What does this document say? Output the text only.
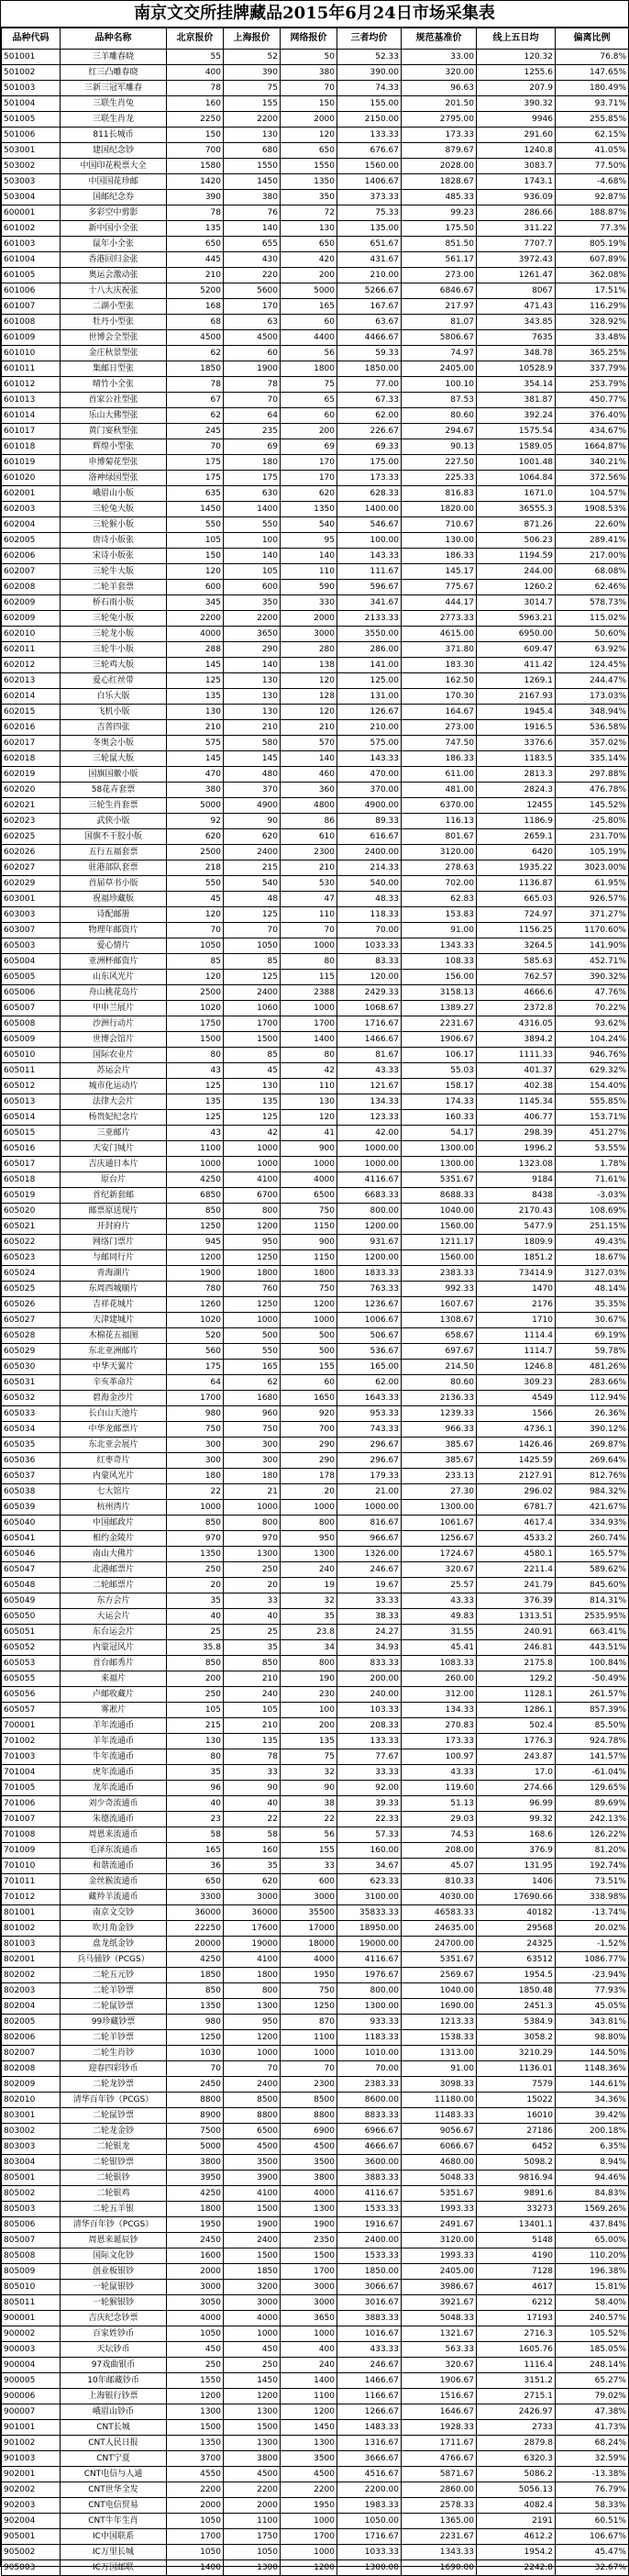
南京文交所挂牌藏品2015年6月24日市场采集表
品种代码	品种名称	北京报价	上海报价	网络报价	三者均价	规范基准价	线上五日均	偏离比例
501001	三羊雕春晓	55	52	50	52.33	33.00	120.32	76.8%
501002	红三凸雕春晓	400	390	380	390.00	320.00	1255.6	147.65%
501003	三新三冠军雕春	78	75	70	74.33	96.63	207.9	180.49%
501004	三联生肖兔	160	155	150	155.00	201.50	390.32	93.71%
501005	三联生肖龙	2250	2200	2000	2150.00	2795.00	9946	255.85%
501006	811长城币	150	130	120	133.33	173.33	291.60	62.15%
503001	建国纪念钞	700	680	650	676.67	879.67	1240.8	41.05%
503002	中国印花税票大全	1580	1550	1550	1560.00	2028.00	3083.7	77.50%
503003	中国国花珍邮	1420	1450	1350	1406.67	1828.67	1743.1	-4.68%
503004	国邮纪念券	390	380	350	373.33	485.33	936.09	92.87%
600001	多彩空中剪影	78	76	72	75.33	99.23	286.66	188.87%
601002	新中国小全张	135	140	130	135.00	175.50	311.22	77.3%
601003	鼠年小全张	650	655	650	651.67	851.50	7707.7	805.19%
601004	香港回归金张	445	430	420	431.67	561.17	3972.43	607.89%
601005	奥运会激动张	210	220	200	210.00	273.00	1261.47	362.08%
601006	十八大庆祝张	5200	5600	5000	5266.67	6846.67	8067	17.51%
601007	二湖小型张	168	170	165	167.67	217.97	471.43	116.29%
601008	牡丹小型张	68	63	60	63.67	81.07	343.85	328.92%
601009	世博会全型张	4500	4500	4400	4466.67	5806.67	7635	33.48%
601010	金庄秋景型张	62	60	56	59.33	74.97	348.78	365.25%
601011	集邮日型张	1850	1900	1800	1850.00	2405.00	10528.9	337.79%
601012	晴竹小全张	78	78	75	77.00	100.10	354.14	253.79%
601013	首家公社型张	67	70	65	67.33	87.53	381.87	450.77%
601014	乐山大佛型张	62	64	60	62.00	80.60	392.24	376.40%
601017	黄门宴秋型张	245	235	200	226.67	294.67	1575.54	434.67%
601018	辉煌小型张	70	69	69	69.33	90.13	1589.05	1664.87%
601019	申博菊花型张	175	180	170	175.00	227.50	1001.48	340.21%
601020	洛神绿园型张	175	175	170	173.33	225.33	1064.84	372.56%
602001	峨眉山小版	635	630	620	628.33	816.83	1671.0	104.57%
602003	三轮兔大版	1450	1400	1350	1400.00	1820.00	36555.3	1908.53%
602004	三轮猴小版	550	550	540	546.67	710.67	871.26	22.60%
602005	唐诗小版张	105	100	95	100.00	130.00	506.23	289.41%
602006	宋诗小版张	150	140	140	143.33	186.33	1194.59	217.00%
602007	三轮牛大版	120	105	110	111.67	145.17	244.00	68.08%
602008	二轮羊套票	600	600	590	596.67	775.67	1260.2	62.46%
602009	桥石雨小版	345	350	330	341.67	444.17	3014.7	578.73%
602009	三轮兔小版	2200	2200	2000	2133.33	2773.33	5963.21	115.02%
602010	三轮龙小版	4000	3650	3000	3550.00	4615.00	6950.00	50.60%
602011	三轮牛小版	288	290	280	286.00	371.80	609.47	63.92%
602012	三轮鸡大版	145	140	138	141.00	183.30	411.42	124.45%
602013	爱心红丝带	125	130	120	125.00	162.50	1269.1	244.47%
602014	白乐大版	135	130	128	131.00	170.30	2167.93	173.03%
602015	飞机小版	130	130	120	126.67	164.67	1945.4	348.94%
602016	吉普四张	210	210	210	210.00	273.00	1916.5	536.58%
602017	冬奥会小版	575	580	570	575.00	747.50	3376.6	357.02%
602018	三轮鼠大版	145	145	140	143.33	186.33	1183.5	335.14%
602019	国旗国徽小版	470	480	460	470.00	611.00	2813.3	297.88%
602020	58花卉套票	380	370	360	370.00	481.00	2824.3	476.78%
602021	三轮生肖套票	5000	4900	4800	4900.00	6370.00	12455	145.52%
602023	武侠小版	92	90	86	89.33	116.13	1186.9	-25.80%
602025	国旗不干胶小版	620	620	610	616.67	801.67	2659.1	231.70%
602026	五行五福套票	2500	2400	2300	2400.00	3120.00	6420	105.19%
602027	驻港部队套票	218	215	210	214.33	278.63	1935.22	3023.00%
602029	首届草书小版	550	540	530	540.00	702.00	1136.87	61.95%
603001	祝福珍藏版	45	48	47	48.33	62.83	665.03	926.57%
603003	诗配邮册	120	125	110	118.33	153.83	724.97	371.27%
603007	物理年邮资片	70	70	70	70.00	91.00	1156.25	1170.60%
605003	爱心情片	1050	1050	1000	1033.33	1343.33	3264.5	141.90%
605004	亚洲杯邮资片	85	85	80	83.33	108.33	585.63	452.71%
605005	山东风光片	120	125	115	120.00	156.00	762.57	390.32%
605006	舟山桃花岛片	2500	2400	2388	2429.33	3158.13	4666.6	47.76%
605007	甲申兰展片	1020	1060	1000	1068.67	1389.27	2372.8	70.22%
605008	沙洲行动片	1750	1700	1700	1716.67	2231.67	4316.05	93.62%
605009	世博会馆片	1500	1500	1400	1466.67	1906.67	3894.2	104.24%
605010	国际农业片	80	85	80	81.67	106.17	1111.33	946.76%
605011	苏运会片	43	45	42	43.33	55.03	401.37	629.32%
605012	城市化运动片	125	130	110	121.67	158.17	402.38	154.40%
605013	法律大会片	135	135	130	134.33	174.33	1145.34	555.85%
605014	杨贵妃纪念片	125	125	120	123.33	160.33	406.77	153.71%
605015	三亚邮片	43	42	41	42.00	54.17	298.39	451.27%
605016	天安门城片	1100	1000	900	1000.00	1300.00	1996.2	53.55%
605017	吉庆通日本片	1000	1000	1000	1000.00	1300.00	1323.08	1.78%
605018	原台片	4250	4100	4000	4116.67	5351.67	9184	71.61%
605019	首纪新套邮	6850	6700	6500	6683.33	8688.33	8438	-3.03%
605020	邮票原送现片	850	800	750	800.00	1040.00	2170.43	108.69%
605021	开封府片	1250	1200	1150	1200.00	1560.00	5477.9	251.15%
605022	网络门票片	945	950	900	931.67	1211.17	1809.9	49.43%
605023	与邮同行片	1200	1250	1150	1200.00	1560.00	1851.2	18.67%
605024	青海湖片	1900	1800	1800	1833.33	2383.33	73414.9	3127.03%
605025	东周西城顺片	780	760	750	763.33	992.33	1470	48.14%
605026	吉祥花城片	1260	1250	1200	1236.67	1607.67	2176	35.35%
605027	天津建城片	1020	1000	1000	1006.67	1308.67	1710	30.67%
605028	木棉花五福图	520	500	500	506.67	658.67	1114.4	69.19%
605029	东北亚洲邮片	560	550	500	536.67	697.67	1114.7	59.78%
605030	中华天翼片	175	165	155	165.00	214.50	1246.8	481.26%
605031	辛亥革命片	64	62	60	62.00	80.60	309.23	283.66%
605032	碧海金沙片	1700	1680	1650	1643.33	2136.33	4549	112.94%
605033	长白山天池片	980	960	920	953.33	1239.33	1566	26.36%
605034	中华龙邮票片	750	750	700	743.33	966.33	4736.1	390.12%
605035	东北亚会展片	300	300	290	296.67	385.67	1426.46	269.87%
605036	红枣奇片	300	300	290	296.67	385.67	1425.59	269.64%
605037	内蒙风光片	180	180	178	179.33	233.13	2127.91	812.76%
605038	七大馆片	22	21	20	21.00	27.30	296.02	984.32%
605039	杭州湾片	1000	1000	1000	1000.00	1300.00	6781.7	421.67%
605040	中国邮政片	850	800	800	816.67	1061.67	4617.4	334.93%
605041	相约金陵片	970	970	950	966.67	1256.67	4533.2	260.74%
605046	南山大佛片	1350	1300	1300	1326.00	1724.67	4580.1	165.57%
605047	北港邮票片	250	250	240	246.67	320.67	2211.4	589.62%
605048	二轮邮票片	20	20	19	19.67	25.57	241.79	845.60%
605049	东方会片	35	33	32	33.33	43.33	376.39	814.31%
605050	大运会片	40	40	35	38.33	49.83	1313.51	2535.95%
605051	东台运会片	25	25	23.8	24.27	31.55	240.91	663.41%
605052	内蒙冠风片	35.8	35	34	34.93	45.41	246.81	443.51%
605053	首台邮秀片	850	850	800	833.33	1083.33	2175.8	100.84%
605055	来福片	200	210	190	200.00	260.00	129.2	-50.49%
605056	卢邮收藏片	250	240	230	240.00	312.00	1128.1	261.57%
605057	雾凇片	105	105	100	103.33	134.33	1286.1	857.39%
700001	羊年流通币	215	210	200	208.33	270.83	502.4	85.50%
701002	羊年流通币	130	135	135	133.33	173.33	1776.3	924.78%
701003	牛年流通币	80	78	75	77.67	100.97	243.87	141.57%
701004	虎年流通币	35	33	32	33.33	43.33	17.0	-61.04%
701005	龙年流通币	96	90	90	92.00	119.60	274.66	129.65%
701006	刘少奇流通币	40	40	38	39.33	51.13	96.99	89.69%
701007	朱德流通币	23	22	22	22.33	29.03	99.32	242.13%
701008	周恩来流通币	58	58	56	57.33	74.53	168.6	126.22%
701009	毛泽东流通币	165	160	155	160.00	208.00	376.9	81.20%
701010	和谐流通币	36	35	33	34.67	45.07	131.95	192.74%
701011	金丝猴流通币	650	620	600	623.33	810.33	1406	73.51%
701012	藏羚羊流通币	3300	3000	3000	3100.00	4030.00	17690.66	338.98%
801001	南京文交钞	36000	36000	35500	35833.33	46583.33	40182	-13.74%
801002	吹月角金钞	22250	17600	17000	18950.00	24635.00	29568	20.02%
801003	盘龙纸金钞	20000	19000	18000	19000.00	24700.00	24325	-1.52%
802001	兵马俑钞（PCGS）	4250	4100	4000	4116.67	5351.67	63512	1086.77%
802002	二轮五元钞	1850	1800	1950	1976.67	2569.67	1954.5	-23.94%
802003	二轮羊钞票	850	800	750	800.00	1040.00	1850.48	77.93%
802004	二轮鼠钞票	1350	1300	1250	1300.00	1690.00	2451.3	45.05%
802005	99珍藏钞票	980	950	870	933.33	1213.33	5384.9	343.81%
802006	二轮羊钞票	1250	1200	1100	1183.33	1538.33	3058.2	98.80%
802007	二轮生肖钞	1030	1000	1000	1010.00	1313.00	3210.29	144.50%
802008	迎春四彩钞币	70	70	70	70.00	91.00	1136.01	1148.36%
802009	二轮龙钞票	2450	2400	2300	2383.33	3098.33	7579	144.61%
802010	清华百年钞（PCGS）	8800	8500	8500	8600.00	11180.00	15022	34.36%
803001	二轮鼠钞票	8900	8800	8800	8833.33	11483.33	16010	39.42%
803002	二轮龙金钞	7500	6500	6900	6966.67	9056.67	27186	200.18%
803003	二轮银龙	5000	4500	4500	4666.67	6066.67	6452	6.35%
803004	二轮银钞票	3800	3500	3500	3600.00	4680.00	5098.2	8.94%
805001	二轮银钞	3950	3900	3800	3883.33	5048.33	9816.94	94.46%
805002	二轮银鸡	4250	4100	4000	4116.67	5351.67	9891.6	84.83%
805003	二轮五羊银	1800	1500	1300	1533.33	1993.33	33273	1569.26%
805006	清华百年钞（PCGS）	1950	1900	1900	1916.67	2491.67	13401.1	437.84%
805007	周恩来诞辰钞	2450	2400	2350	2400.00	3120.00	5148	65.00%
805008	国际文化钞	1600	1500	1500	1533.33	1993.33	4190	110.20%
805009	创业板银钞	2000	1850	1700	1850.00	2405.00	7128	196.38%
805010	一轮鼠银钞	3000	3200	3000	3066.67	3986.67	4617	15.81%
805011	一轮猴银钞	3050	3000	3000	3016.67	3921.67	6212	58.40%
900001	吉庆纪念钞票	4000	4000	3650	3883.33	5048.33	17193	240.57%
900002	百家姓钞币	1050	1000	1000	1016.67	1321.67	2716.3	105.52%
900003	天坛钞币	450	450	400	433.33	563.33	1605.76	185.05%
900004	97戏曲银币	250	250	240	246.67	320.67	1116.4	248.14%
900005	10年邮藏钞币	1550	1450	1400	1466.67	1906.67	3151.2	65.27%
900006	上海银行钞票	1200	1200	1100	1166.67	1516.67	2715.1	79.02%
900007	峨眉山钞币	1300	1300	1200	1266.67	1646.67	2426.97	47.38%
901001	CNT长城	1500	1500	1450	1483.33	1928.33	2733	41.73%
901002	CNT人民日报	1350	1300	1300	1316.67	1711.67	2879.8	68.24%
901003	CNT宁夏	3700	3800	3500	3666.67	4766.67	6320.3	32.59%
902001	CNT电信与人通	4550	4500	4500	4516.67	5871.67	5086.2	-13.38%
902002	CNT世华全发	2200	2200	2200	2200.00	2860.00	5056.13	76.79%
902003	CNT电信贸易	2000	2000	1950	1983.33	2578.33	4082.4	58.33%
902004	CNT牛年生肖	1050	1100	1000	1050.00	1365.00	2191	60.51%
905001	IC中国联系	1700	1750	1700	1716.67	2231.67	4612.2	106.67%
905002	IC万里长城	1050	1050	1000	1033.33	1343.33	1954.2	45.47%
905003	IC万国邮联	1400	1300	1200	1300.00	1690.00	2242.8	32.67%
